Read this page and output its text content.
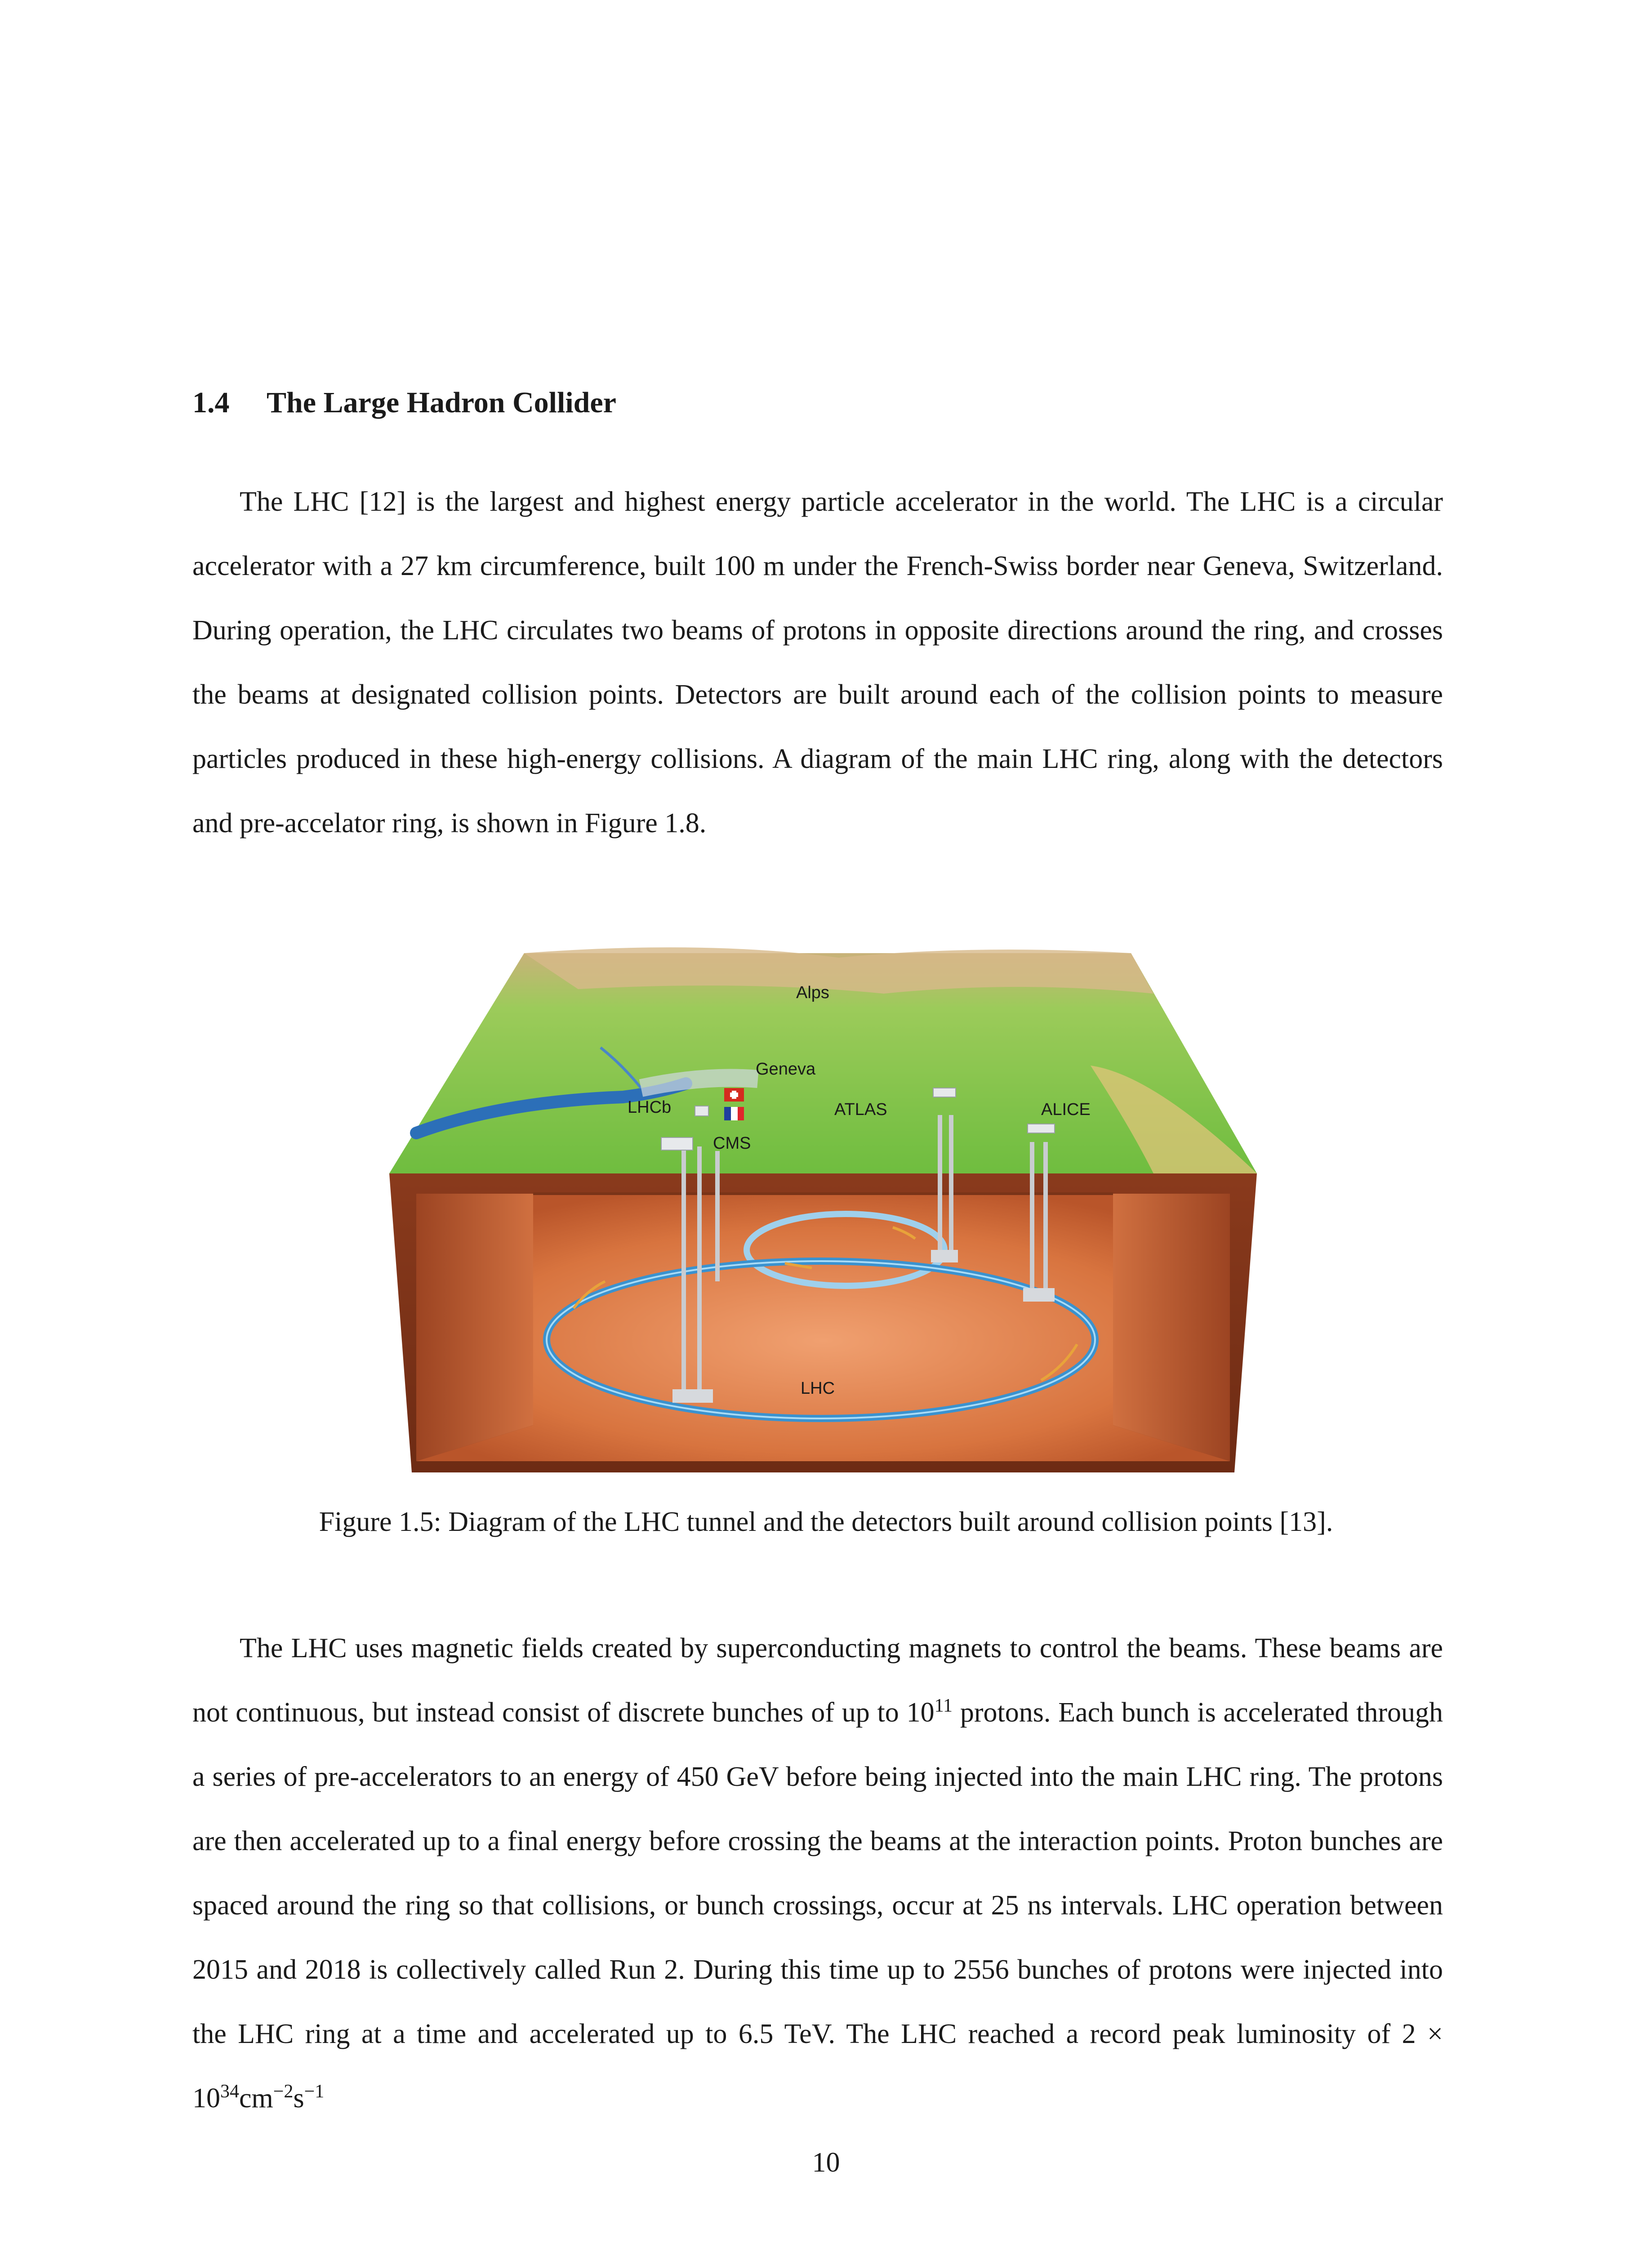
1.4 The Large Hadron Collider

The LHC [12] is the largest and highest energy particle accelerator in the world. The LHC is a circular accelerator with a 27 km circumference, built 100 m under the French-Swiss border near Geneva, Switzerland. During operation, the LHC circulates two beams of protons in opposite directions around the ring, and crosses the beams at designated collision points. Detectors are built around each of the collision points to measure particles produced in these high-energy collisions. A diagram of the main LHC ring, along with the detectors and pre-accelator ring, is shown in Figure 1.8.

Alps
Geneva
LHCb	ATLAS	ALICE
CMS
LHC
Figure 1.5: Diagram of the LHC tunnel and the detectors built around collision points [13].

The LHC uses magnetic fields created by superconducting magnets to control the beams. These beams are not continuous, but instead consist of discrete bunches of up to $10^{11}$ protons. Each bunch is accelerated through a series of pre-accelerators to an energy of 450 GeV before being injected into the main LHC ring. The protons are then accelerated up to a final energy before crossing the beams at the interaction points. Proton bunches are spaced around the ring so that collisions, or bunch crossings, occur at 25 ns intervals. LHC operation between 2015 and 2018 is collectively called Run 2. During this time up to 2556 bunches of protons were injected into the LHC ring at a time and accelerated up to 6.5 TeV. The LHC reached a record peak luminosity of $2 \times 10^{34}cm^{-2}s^{-1}$

10
